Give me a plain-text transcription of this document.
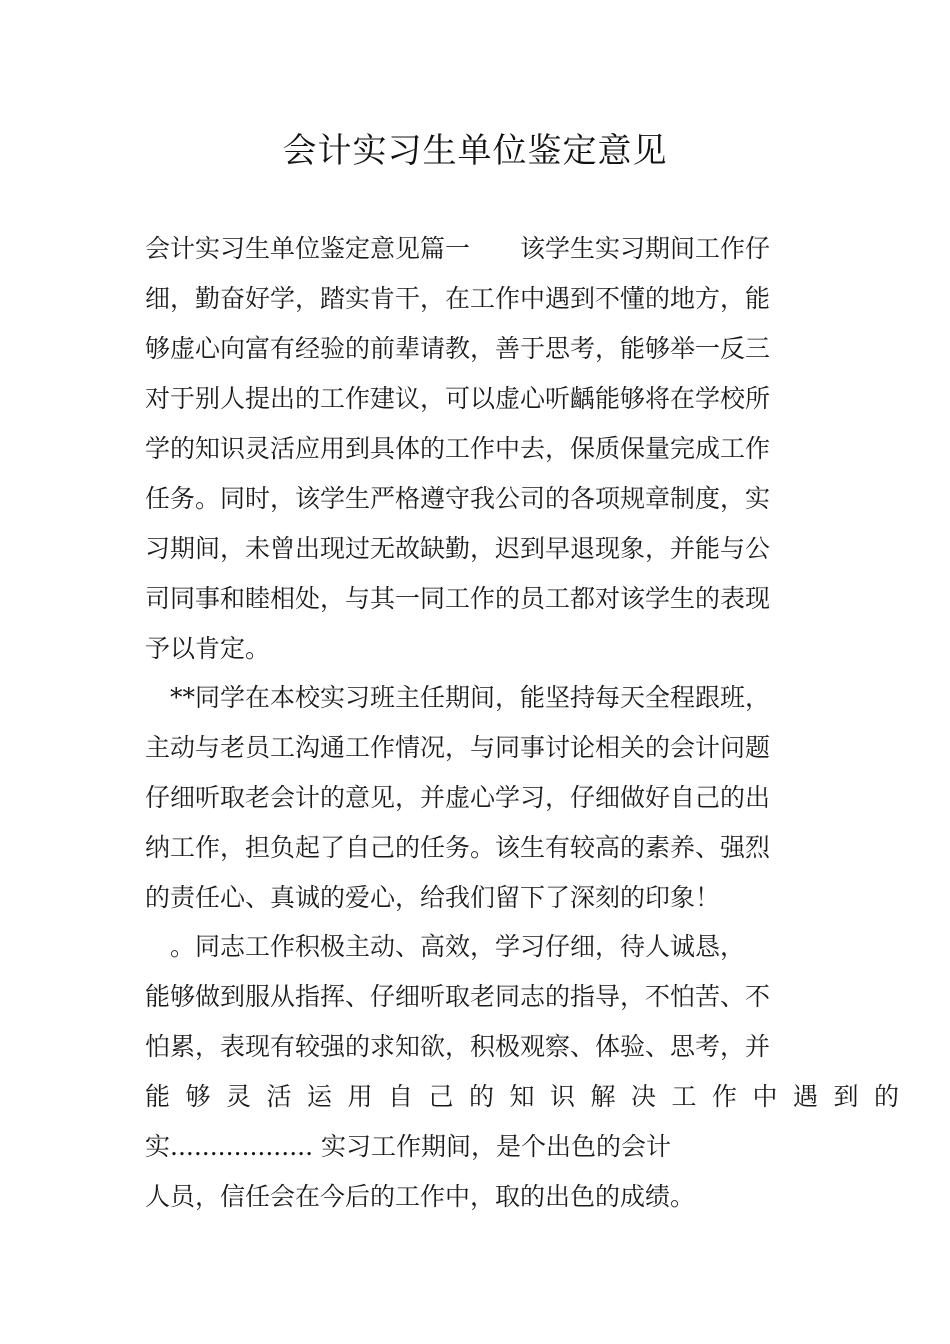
会计实习生单位鉴定意见
会计实习生单位鉴定意见篇一　　该学生实习期间工作仔
细，勤奋好学，踏实肯干，在工作中遇到不懂的地方，能
够虚心向富有经验的前辈请教，善于思考，能够举一反三
对于别人提出的工作建议，可以虚心听齲能够将在学校所
学的知识灵活应用到具体的工作中去，保质保量完成工作
任务。同时，该学生严格遵守我公司的各项规章制度，实
习期间，未曾出现过无故缺勤，迟到早退现象，并能与公
司同事和睦相处，与其一同工作的员工都对该学生的表现
予以肯定。
　**同学在本校实习班主任期间，能坚持每天全程跟班，
主动与老员工沟通工作情况，与同事讨论相关的会计问题
仔细听取老会计的意见，并虚心学习，仔细做好自己的出
纳工作，担负起了自己的任务。该生有较高的素养、强烈
的责任心、真诚的爱心，给我们留下了深刻的印象！
　。同志工作积极主动、高效，学习仔细，待人诚恳，
能够做到服从指挥、仔细听取老同志的指导，不怕苦、不
怕累，表现有较强的求知欲，积极观察、体验、思考，并
能够灵活运用自己的知识解决工作中遇到的
实.................. 实习工作期间，是个出色的会计
人员，信任会在今后的工作中，取的出色的成绩。
